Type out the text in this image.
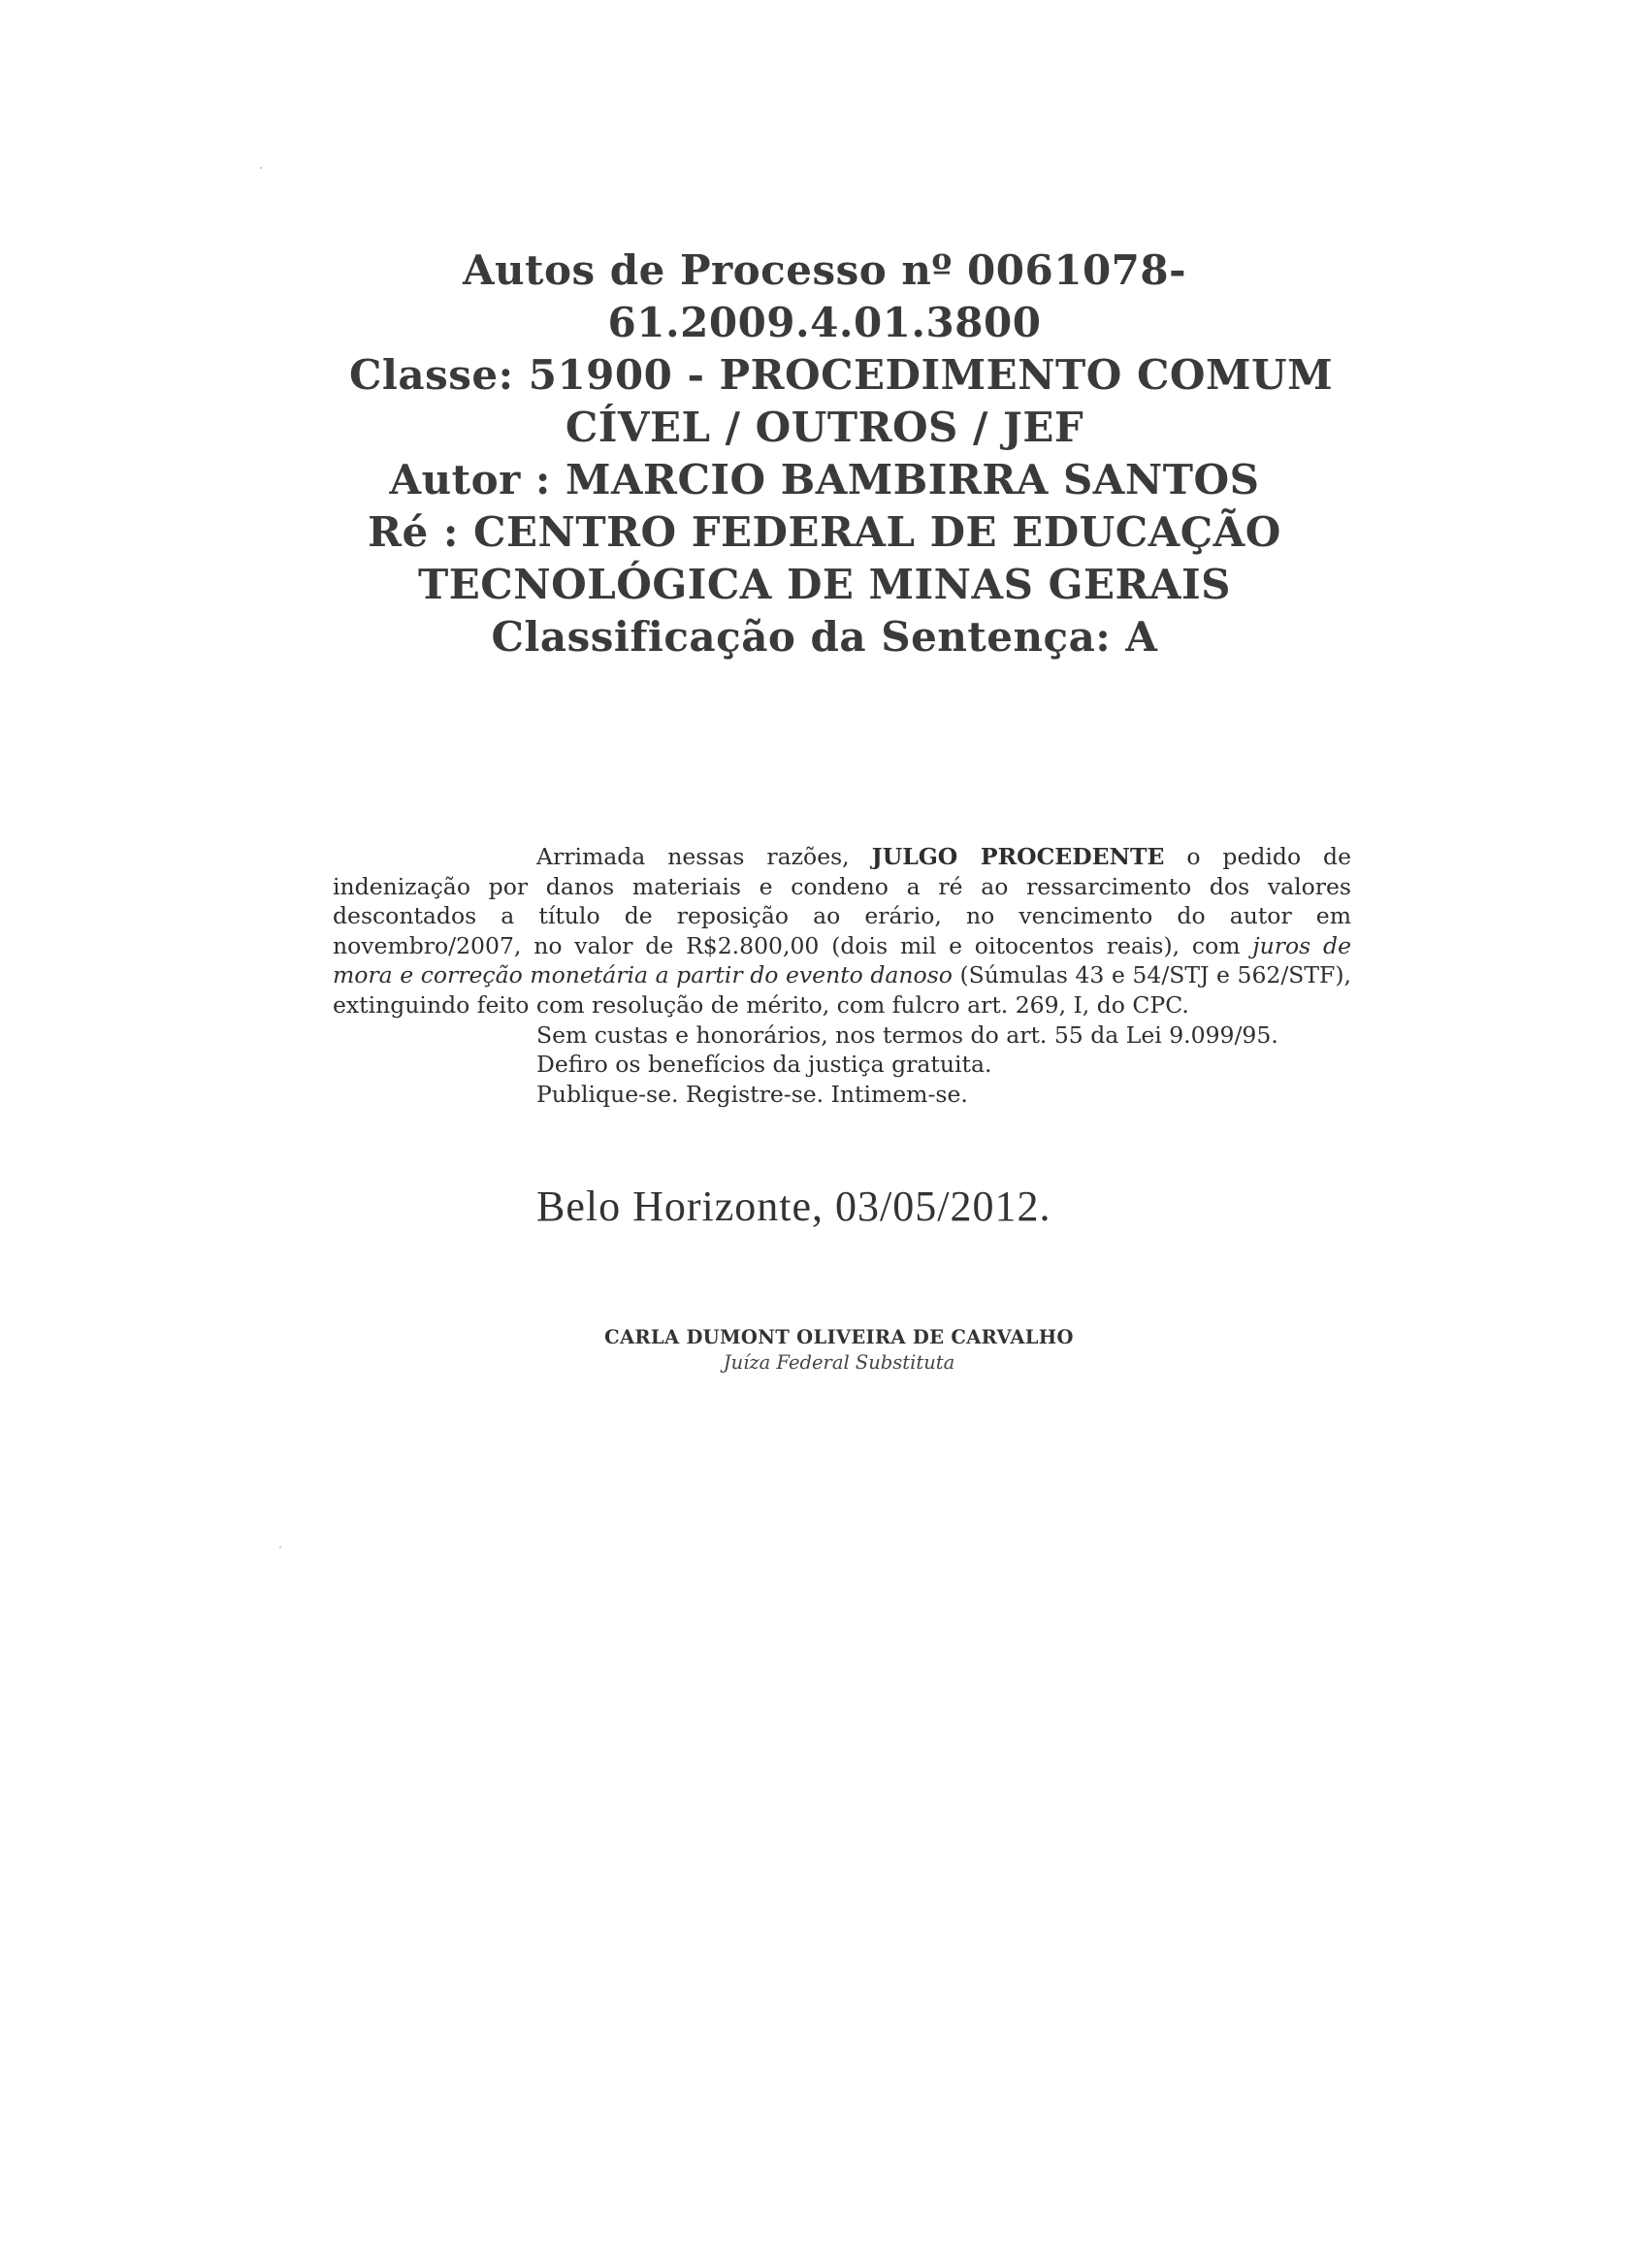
Autos de Processo nº 0061078-
61.2009.4.01.3800
Classe: 51900 - PROCEDIMENTO COMUM
CÍVEL / OUTROS / JEF
Autor : MARCIO BAMBIRRA SANTOS
Ré : CENTRO FEDERAL DE EDUCAÇÃO
TECNOLÓGICA DE MINAS GERAIS
Classificação da Sentença: A

Arrimada nessas razões, JULGO PROCEDENTE o pedido de indenização por danos materiais e condeno a ré ao ressarcimento dos valores descontados a título de reposição ao erário, no vencimento do autor em novembro/2007, no valor de R$2.800,00 (dois mil e oitocentos reais), com juros de mora e correção monetária a partir do evento danoso (Súmulas 43 e 54/STJ e 562/STF), extinguindo feito com resolução de mérito, com fulcro art. 269, I, do CPC.

Sem custas e honorários, nos termos do art. 55 da Lei 9.099/95.

Defiro os benefícios da justiça gratuita.

Publique-se. Registre-se. Intimem-se.

Belo Horizonte, 03/05/2012.
CARLA DUMONT OLIVEIRA DE CARVALHO
Juíza Federal Substituta
